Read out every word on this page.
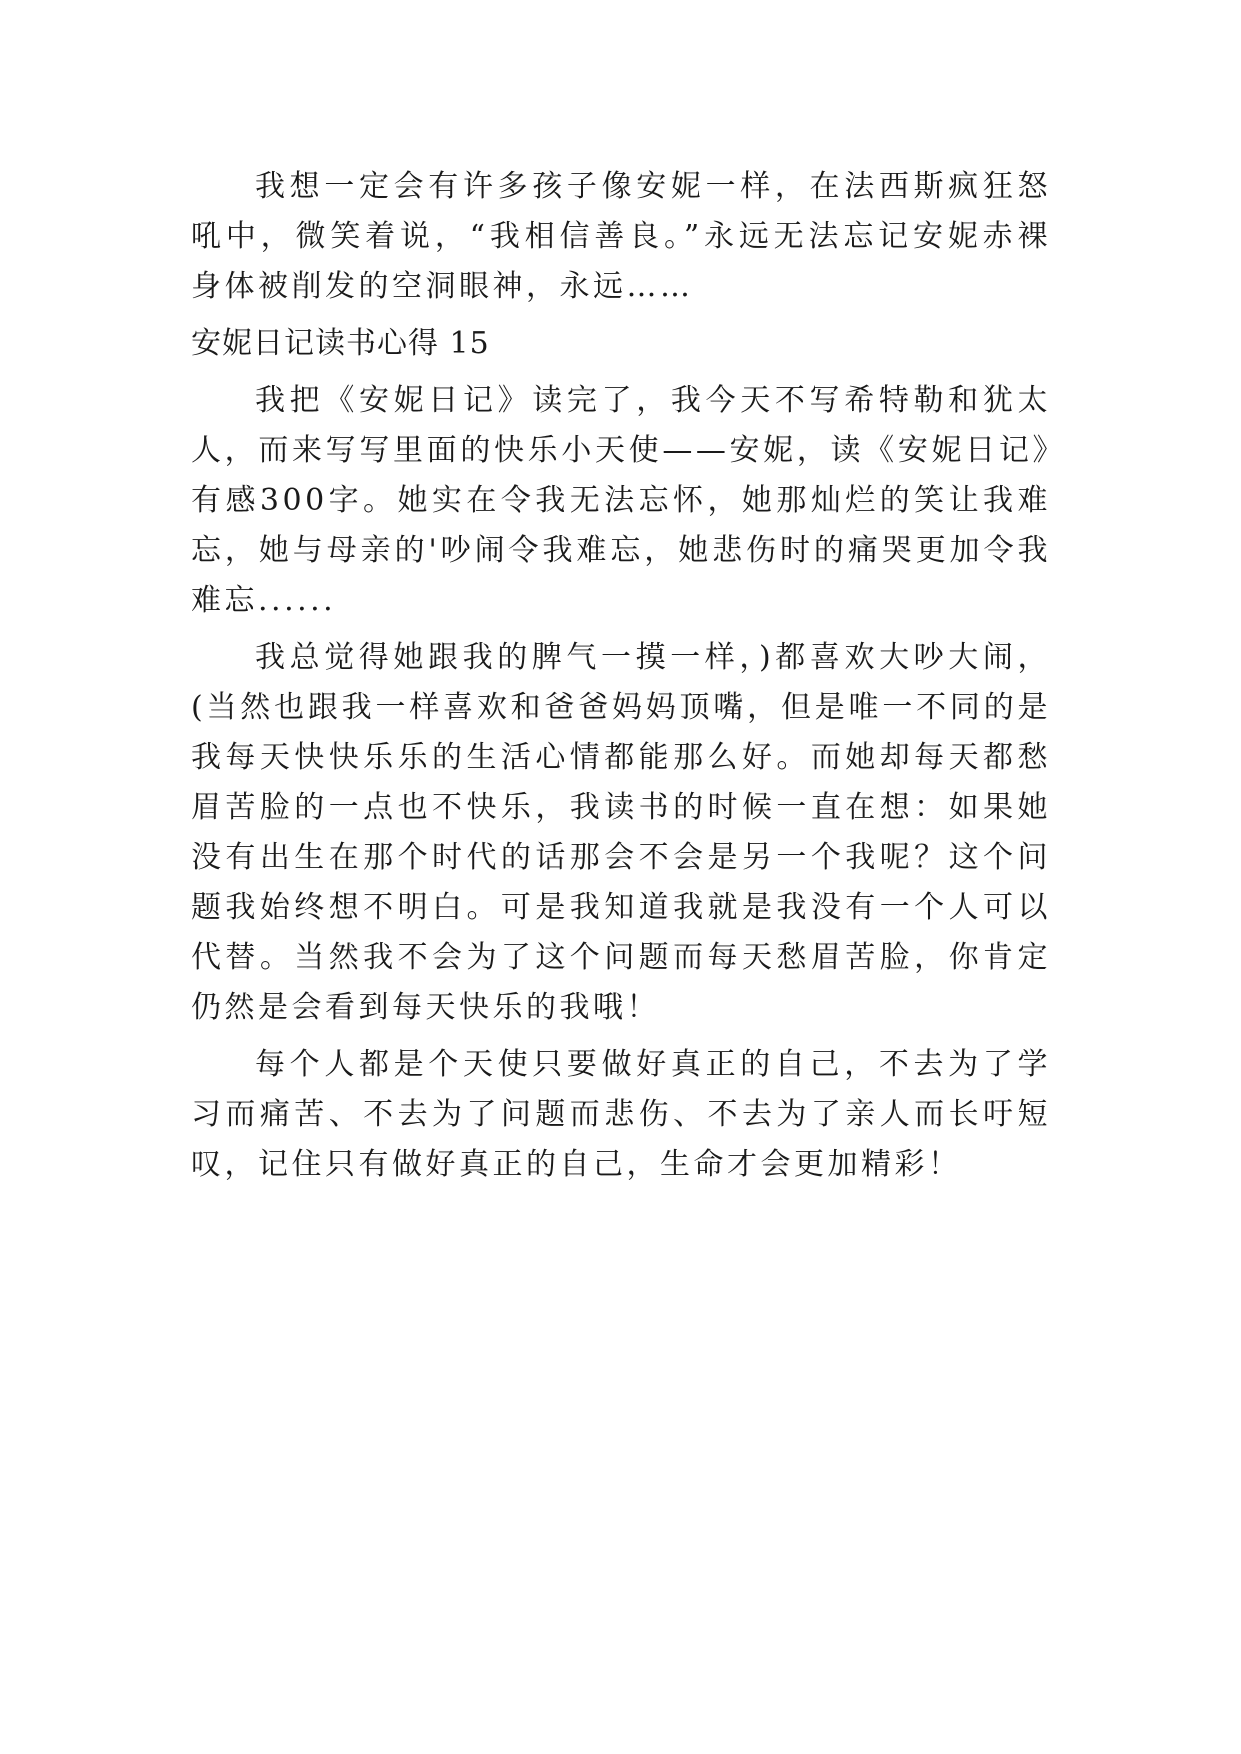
我想一定会有许多孩子像安妮一样，在法西斯疯狂怒吼中，微笑着说，“我相信善良。”永远无法忘记安妮赤裸身体被削发的空洞眼神，永远……

安妮日记读书心得 15

我把《安妮日记》读完了，我今天不写希特勒和犹太人，而来写写里面的快乐小天使——安妮，读《安妮日记》有感300字。她实在令我无法忘怀，她那灿烂的笑让我难忘，她与母亲的'吵闹令我难忘，她悲伤时的痛哭更加令我难忘......

我总觉得她跟我的脾气一摸一样，)都喜欢大吵大闹，(当然也跟我一样喜欢和爸爸妈妈顶嘴，但是唯一不同的是我每天快快乐乐的生活心情都能那么好。而她却每天都愁眉苦脸的一点也不快乐，我读书的时候一直在想：如果她没有出生在那个时代的话那会不会是另一个我呢？这个问题我始终想不明白。可是我知道我就是我没有一个人可以代替。当然我不会为了这个问题而每天愁眉苦脸，你肯定仍然是会看到每天快乐的我哦！

每个人都是个天使只要做好真正的自己，不去为了学习而痛苦、不去为了问题而悲伤、不去为了亲人而长吁短叹，记住只有做好真正的自己，生命才会更加精彩！
